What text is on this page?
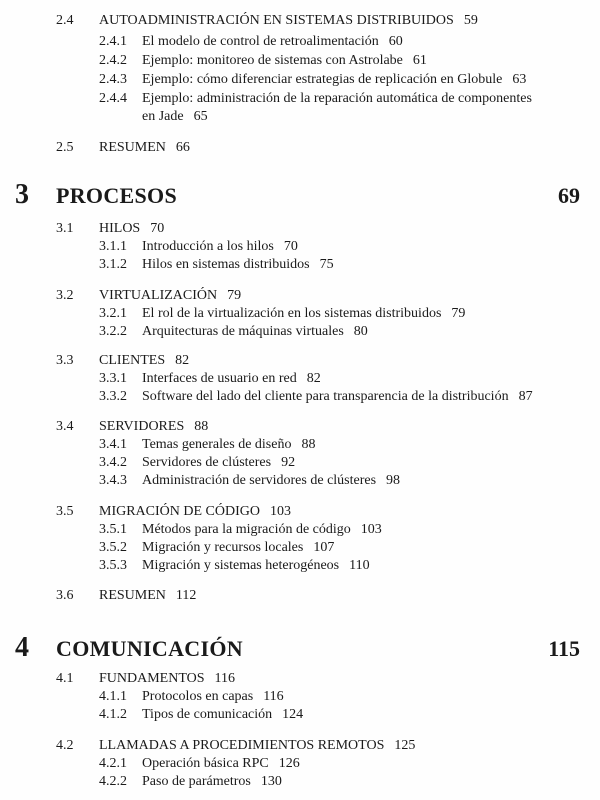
2.4 AUTOADMINISTRACIÓN EN SISTEMAS DISTRIBUIDOS 59
2.4.1 El modelo de control de retroalimentación 60
2.4.2 Ejemplo: monitoreo de sistemas con Astrolabe 61
2.4.3 Ejemplo: cómo diferenciar estrategias de replicación en Globule 63
2.4.4 Ejemplo: administración de la reparación automática de componentes
en Jade 65
2.5 RESUMEN 66
3 PROCESOS	69
3.1 HILOS 70
3.1.1 Introducción a los hilos 70
3.1.2 Hilos en sistemas distribuidos 75
3.2 VIRTUALIZACIÓN 79
3.2.1 El rol de la virtualización en los sistemas distribuidos 79
3.2.2 Arquitecturas de máquinas virtuales 80
3.3 CLIENTES 82
3.3.1 Interfaces de usuario en red 82
3.3.2 Software del lado del cliente para transparencia de la distribución 87
3.4 SERVIDORES 88
3.4.1 Temas generales de diseño 88
3.4.2 Servidores de clústeres 92
3.4.3 Administración de servidores de clústeres 98
3.5 MIGRACIÓN DE CÓDIGO 103
3.5.1 Métodos para la migración de código 103
3.5.2 Migración y recursos locales 107
3.5.3 Migración y sistemas heterogéneos 110
3.6 RESUMEN 112
4 COMUNICACIÓN	115
4.1 FUNDAMENTOS 116
4.1.1 Protocolos en capas 116
4.1.2 Tipos de comunicación 124
4.2 LLAMADAS A PROCEDIMIENTOS REMOTOS 125
4.2.1 Operación básica RPC 126
4.2.2 Paso de parámetros 130
